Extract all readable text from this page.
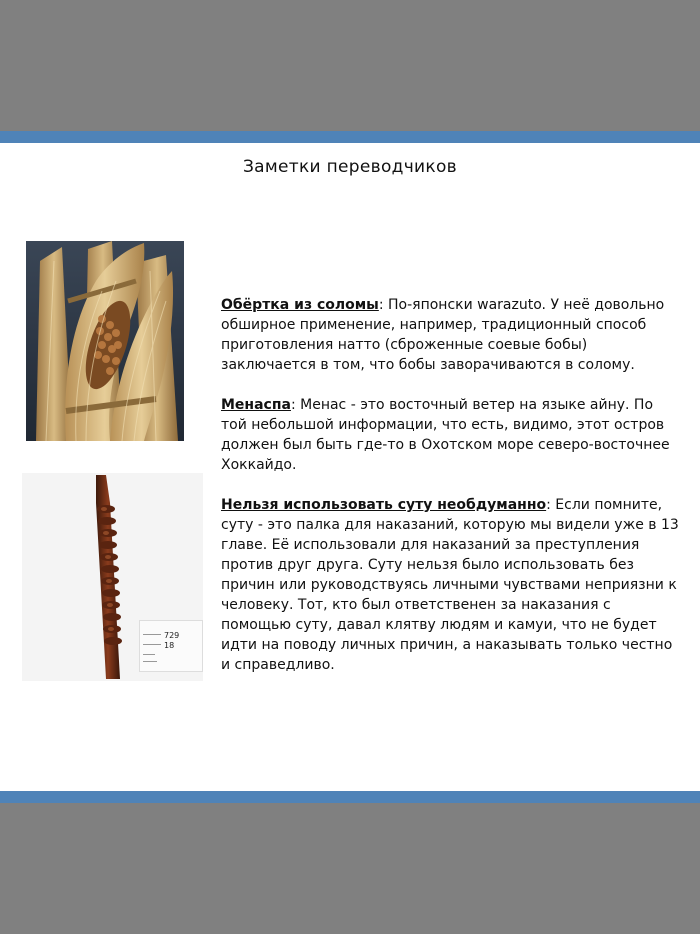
Заметки переводчиков
729
18

Обёртка из соломы: По-японски warazuto. У неё довольно обширное применение, например, традиционный способ приготовления натто (сброженные соевые бобы) заключается в том, что бобы заворачиваются в солому.

Менаспа: Менас - это восточный ветер на языке айну. По той небольшой информации, что есть, видимо, этот остров должен был быть где-то в Охотском море северо-восточнее Хоккайдо.

Нельзя использовать суту необдуманно: Если помните, суту - это палка для наказаний, которую мы видели уже в 13 главе. Её использовали для наказаний за преступления против друг друга. Суту нельзя было использовать без причин или руководствуясь личными чувствами неприязни к человеку. Тот, кто был ответственен за наказания с помощью суту, давал клятву людям и камуи, что не будет идти на поводу личных причин, а наказывать только честно и справедливо.
